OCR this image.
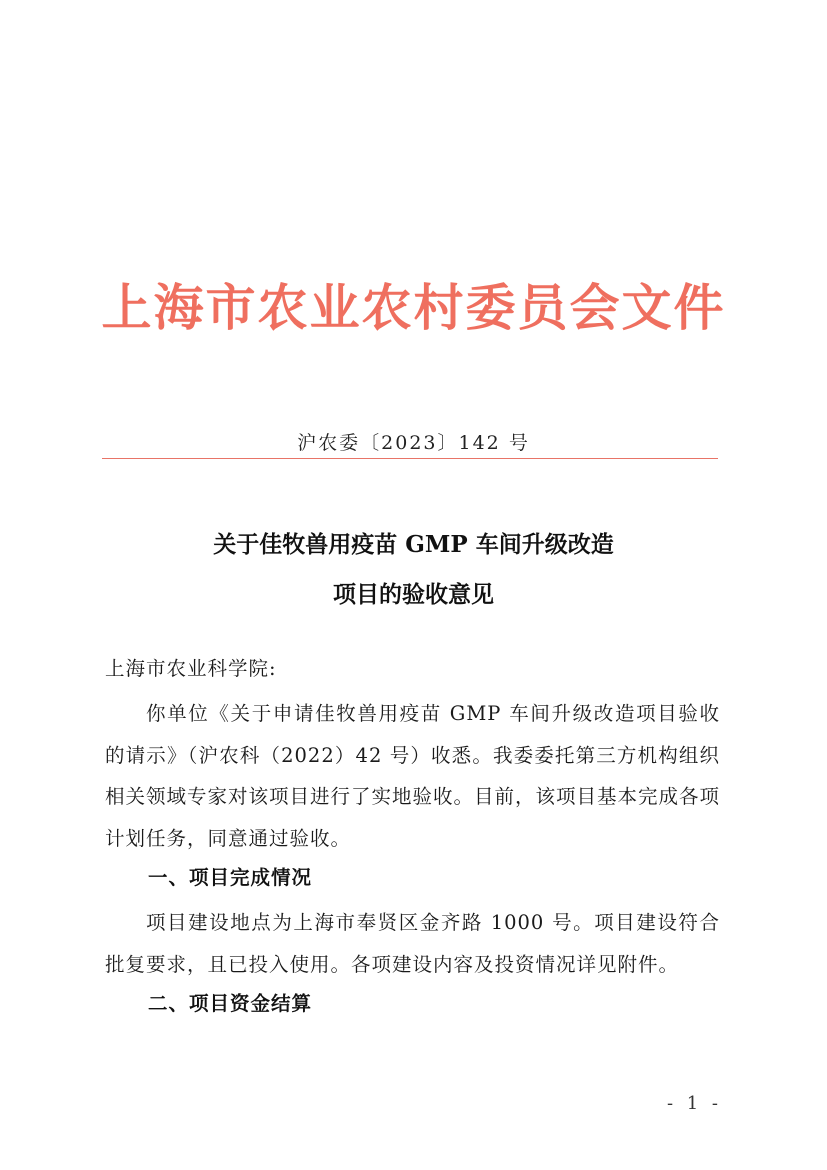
上海市农业农村委员会文件
沪农委〔2023〕142 号
关于佳牧兽用疫苗 GMP 车间升级改造
项目的验收意见
上海市农业科学院:
你单位《关于申请佳牧兽用疫苗 GMP 车间升级改造项目验收的请示》（沪农科（2022）42 号）收悉。我委委托第三方机构组织相关领域专家对该项目进行了实地验收。目前，该项目基本完成各项计划任务，同意通过验收。
一、项目完成情况
项目建设地点为上海市奉贤区金齐路 1000 号。项目建设符合批复要求，且已投入使用。各项建设内容及投资情况详见附件。
二、项目资金结算
- 1 -
